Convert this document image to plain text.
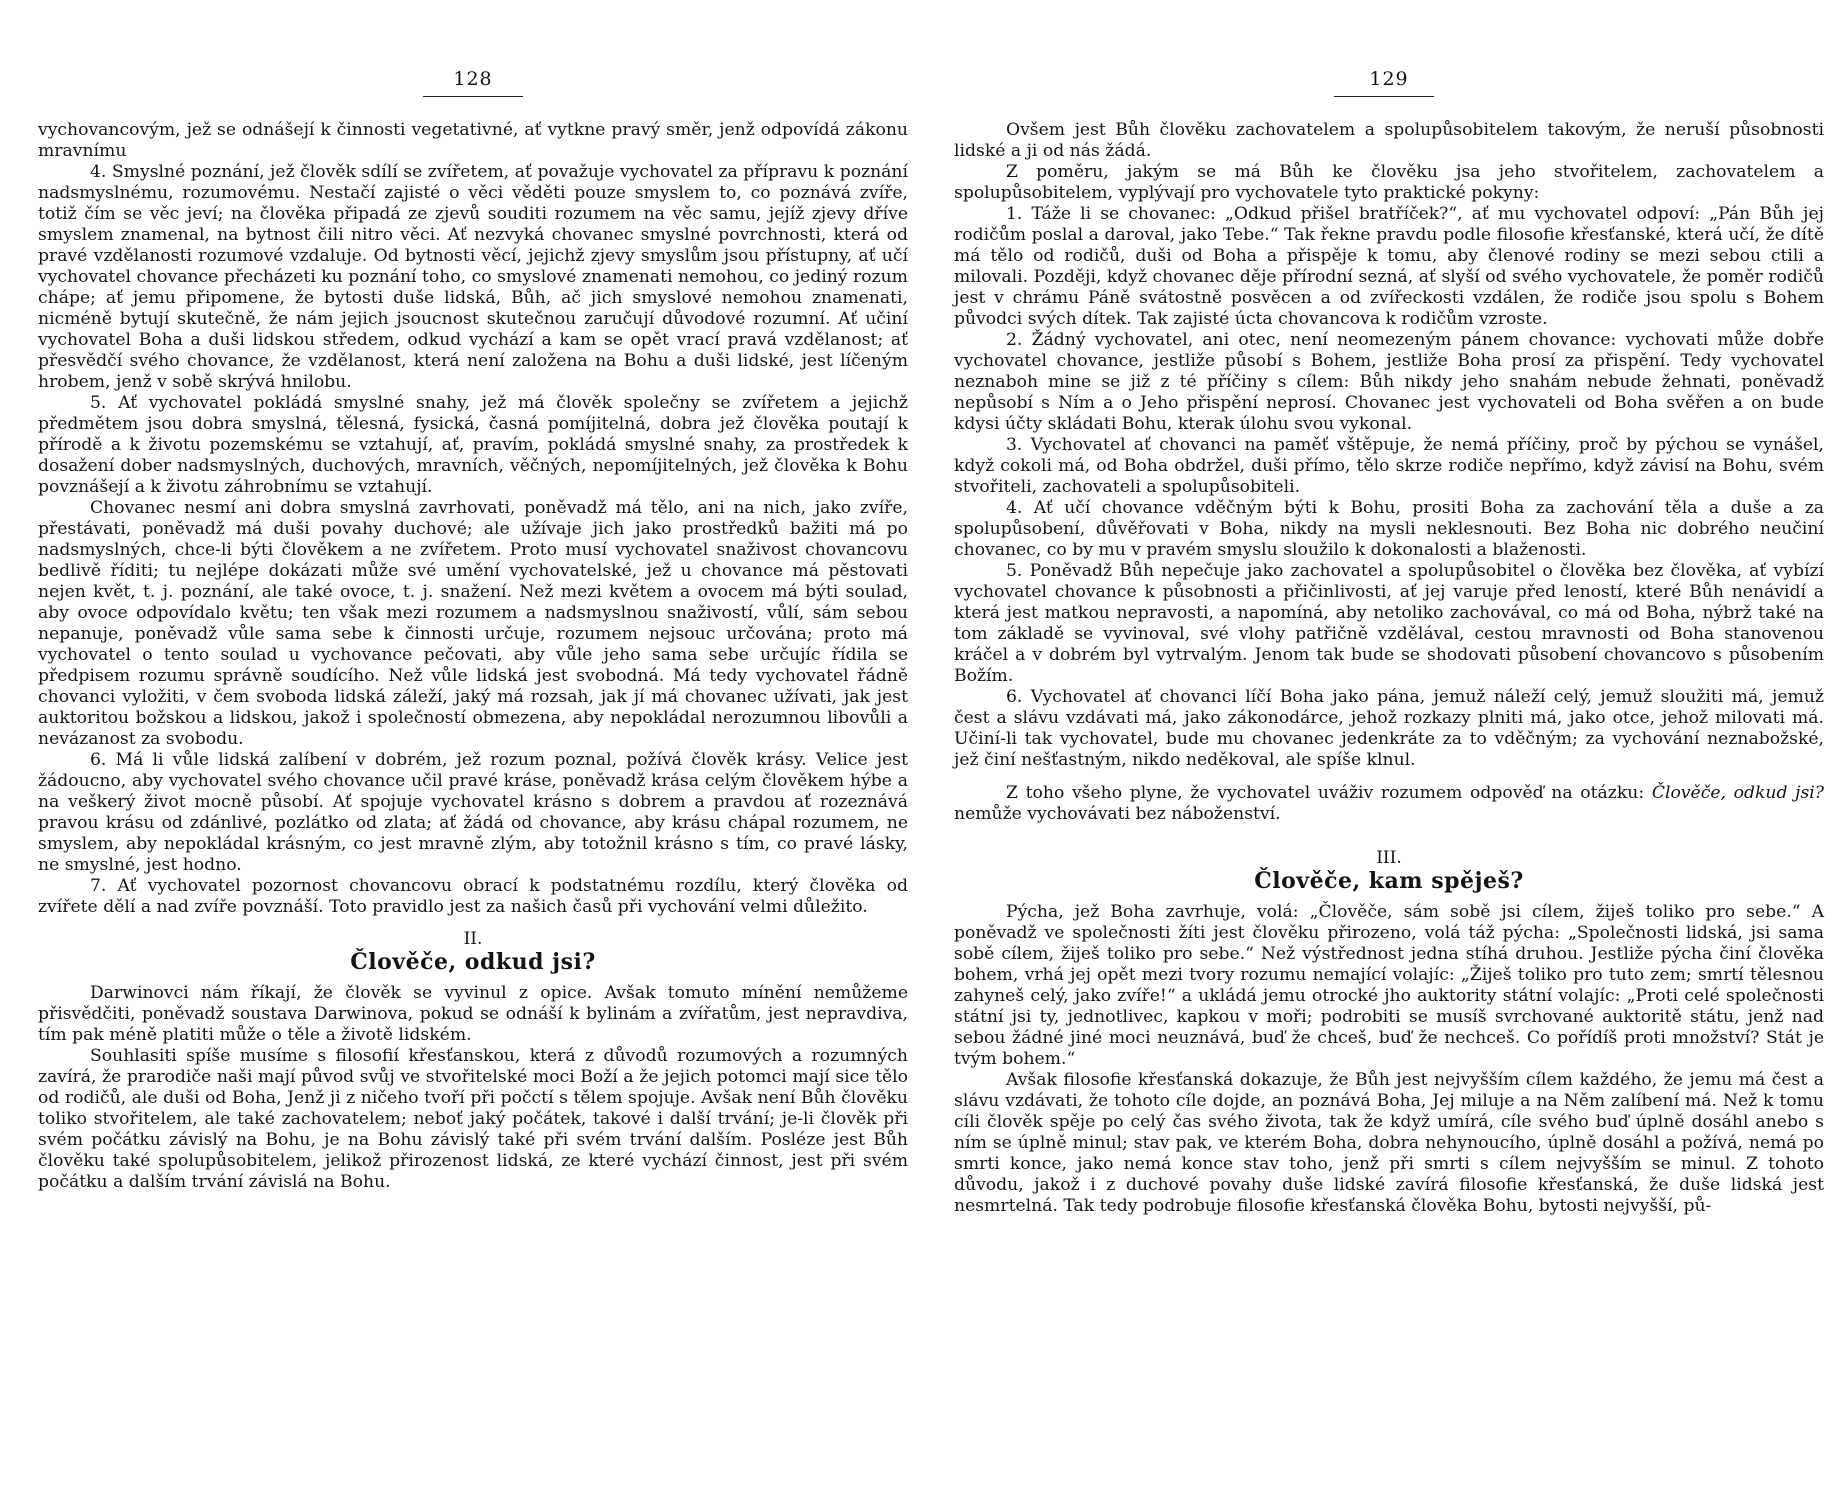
128

vychovancovým, jež se odnášejí k činnosti vegetativné, ať vytkne pravý směr, jenž odpovídá zákonu mravnímu

4. Smyslné poznání, jež člověk sdílí se zvířetem, ať považuje vychovatel za přípravu k poznání nadsmyslnému, rozumovému. Nestačí zajisté o věci věděti pouze smyslem to, co poznává zvíře, totiž čím se věc jeví; na člověka připadá ze zjevů souditi rozumem na věc samu, jejíž zjevy dříve smyslem znamenal, na bytnost čili nitro věci. Ať nezvyká chovanec smyslné povrchnosti, která od pravé vzdělanosti rozumové vzdaluje. Od bytnosti věcí, jejichž zjevy smyslům jsou přístupny, ať učí vychovatel chovance přecházeti ku poznání toho, co smyslové znamenati nemohou, co jediný rozum chápe; ať jemu připomene, že bytosti duše lidská, Bůh, ač jich smyslové nemohou znamenati, nicméně bytují skutečně, že nám jejich jsoucnost skutečnou zaručují důvodové rozumní. Ať učiní vychovatel Boha a duši lidskou středem, odkud vychází a kam se opět vrací pravá vzdělanost; ať přesvědčí svého chovance, že vzdělanost, která není založena na Bohu a duši lidské, jest líčeným hrobem, jenž v sobě skrývá hnilobu.

5. Ať vychovatel pokládá smyslné snahy, jež má člověk společny se zvířetem a jejichž předmětem jsou dobra smyslná, tělesná, fysická, časná pomíjitelná, dobra jež člověka poutají k přírodě a k životu pozemskému se vztahují, ať, pravím, pokládá smyslné snahy, za prostředek k dosažení dober nadsmyslných, duchových, mravních, věčných, nepomíjitelných, jež člověka k Bohu povznášejí a k životu záhrobnímu se vztahují.

Chovanec nesmí ani dobra smyslná zavrhovati, poněvadž má tělo, ani na nich, jako zvíře, přestávati, poněvadž má duši povahy duchové; ale užívaje jich jako prostředků bažiti má po nadsmyslných, chce-li býti člověkem a ne zvířetem. Proto musí vychovatel snaživost chovancovu bedlivě říditi; tu nejlépe dokázati může své umění vychovatelské, jež u chovance má pěstovati nejen květ, t. j. poznání, ale také ovoce, t. j. snažení. Než mezi květem a ovocem má býti soulad, aby ovoce odpovídalo květu; ten však mezi rozumem a nadsmyslnou snaživostí, vůlí, sám sebou nepanuje, poněvadž vůle sama sebe k činnosti určuje, rozumem nejsouc určována; proto má vychovatel o tento soulad u vychovance pečovati, aby vůle jeho sama sebe určujíc řídila se předpisem rozumu správně soudícího. Než vůle lidská jest svobodná. Má tedy vychovatel řádně chovanci vyložiti, v čem svoboda lidská záleží, jaký má rozsah, jak jí má chovanec užívati, jak jest auktoritou božskou a lidskou, jakož i společností obmezena, aby nepokládal nerozumnou libovůli a nevázanost za svobodu.

6. Má li vůle lidská zalíbení v dobrém, jež rozum poznal, požívá člověk krásy. Velice jest žádoucno, aby vychovatel svého chovance učil pravé kráse, poněvadž krása celým člověkem hýbe a na veškerý život mocně působí. Ať spojuje vychovatel krásno s dobrem a pravdou ať rozeznává pravou krásu od zdánlivé, pozlátko od zlata; ať žádá od chovance, aby krásu chápal rozumem, ne smyslem, aby nepokládal krásným, co jest mravně zlým, aby totožnil krásno s tím, co pravé lásky, ne smyslné, jest hodno.

7. Ať vychovatel pozornost chovancovu obrací k podstatnému rozdílu, který člověka od zvířete dělí a nad zvíře povznáší. Toto pravidlo jest za našich časů při vychování velmi důležito.

II.
Člověče, odkud jsi?

Darwinovci nám říkají, že člověk se vyvinul z opice. Avšak tomuto mínění nemůžeme přisvědčiti, poněvadž soustava Darwinova, pokud se odnáší k bylinám a zvířatům, jest nepravdiva, tím pak méně platiti může o těle a životě lidském.

Souhlasiti spíše musíme s filosofií křesťanskou, která z důvodů rozumových a rozumných zavírá, že prarodiče naši mají původ svůj ve stvořitelské moci Boží a že jejich potomci mají sice tělo od rodičů, ale duši od Boha, Jenž ji z ničeho tvoří při počctí s tělem spojuje. Avšak není Bůh člověku toliko stvořitelem, ale také zachovatelem; neboť jaký počátek, takové i další trvání; je-li člověk při svém počátku závislý na Bohu, je na Bohu závislý také při svém trvání dalším. Posléze jest Bůh člověku také spolupůsobitelem, jelikož přirozenost lidská, ze které vychází činnost, jest při svém počátku a dalším trvání závislá na Bohu.

129

Ovšem jest Bůh člověku zachovatelem a spolupůsobitelem takovým, že neruší působnosti lidské a ji od nás žádá.

Z poměru, jakým se má Bůh ke člověku jsa jeho stvořitelem, zachovatelem a spolupůsobitelem, vyplývají pro vychovatele tyto praktické pokyny:

1. Táže li se chovanec: „Odkud přišel bratříček?“, ať mu vychovatel odpoví: „Pán Bůh jej rodičům poslal a daroval, jako Tebe.“ Tak řekne pravdu podle filosofie křesťanské, která učí, že dítě má tělo od rodičů, duši od Boha a přispěje k tomu, aby členové rodiny se mezi sebou ctili a milovali. Později, když chovanec děje přírodní sezná, ať slyší od svého vychovatele, že poměr rodičů jest v chrámu Páně svátostně posvěcen a od zvířeckosti vzdálen, že rodiče jsou spolu s Bohem původci svých dítek. Tak zajisté úcta chovancova k rodičům vzroste.

2. Žádný vychovatel, ani otec, není neomezeným pánem chovance: vychovati může dobře vychovatel chovance, jestliže působí s Bohem, jestliže Boha prosí za přispění. Tedy vychovatel neznaboh mine se již z té příčiny s cílem: Bůh nikdy jeho snahám nebude žehnati, poněvadž nepůsobí s Ním a o Jeho přispění neprosí. Chovanec jest vychovateli od Boha svěřen a on bude kdysi účty skládati Bohu, kterak úlohu svou vykonal.

3. Vychovatel ať chovanci na paměť vštěpuje, že nemá příčiny, proč by pýchou se vynášel, když cokoli má, od Boha obdržel, duši přímo, tělo skrze rodiče nepřímo, když závisí na Bohu, svém stvořiteli, zachovateli a spolupůsobiteli.

4. Ať učí chovance vděčným býti k Bohu, prositi Boha za zachování těla a duše a za spolupůsobení, důvěřovati v Boha, nikdy na mysli neklesnouti. Bez Boha nic dobrého neučiní chovanec, co by mu v pravém smyslu sloužilo k dokonalosti a blaženosti.

5. Poněvadž Bůh nepečuje jako zachovatel a spolupůsobitel o člověka bez člověka, ať vybízí vychovatel chovance k působnosti a přičinlivosti, ať jej varuje před leností, které Bůh nenávidí a která jest matkou nepravosti, a napomíná, aby netoliko zachovával, co má od Boha, nýbrž také na tom základě se vyvinoval, své vlohy patřičně vzdělával, cestou mravnosti od Boha stanovenou kráčel a v dobrém byl vytrvalým. Jenom tak bude se shodovati působení chovancovo s působením Božím.

6. Vychovatel ať chovanci líčí Boha jako pána, jemuž náleží celý, jemuž sloužiti má, jemuž čest a slávu vzdávati má, jako zákonodárce, jehož rozkazy plniti má, jako otce, jehož milovati má. Učiní-li tak vychovatel, bude mu chovanec jedenkráte za to vděčným; za vychování neznabožské, jež činí nešťastným, nikdo neděkoval, ale spíše klnul.

Z toho všeho plyne, že vychovatel uváživ rozumem odpověď na otázku: Člověče, odkud jsi? nemůže vychovávati bez náboženství.

III.
Člověče, kam spěješ?

Pýcha, jež Boha zavrhuje, volá: „Člověče, sám sobě jsi cílem, žiješ toliko pro sebe.“ A poněvadž ve společnosti žíti jest člověku přirozeno, volá táž pýcha: „Společnosti lidská, jsi sama sobě cílem, žiješ toliko pro sebe.“ Než výstřednost jedna stíhá druhou. Jestliže pýcha činí člověka bohem, vrhá jej opět mezi tvory rozumu nemající volajíc: „Žiješ toliko pro tuto zem; smrtí tělesnou zahyneš celý, jako zvíře!“ a ukládá jemu otrocké jho auktority státní volajíc: „Proti celé společnosti státní jsi ty, jednotlivec, kapkou v moři; podrobiti se musíš svrchované auktoritě státu, jenž nad sebou žádné jiné moci neuznává, buď že chceš, buď že nechceš. Co pořídíš proti množství? Stát je tvým bohem.“

Avšak filosofie křesťanská dokazuje, že Bůh jest nejvyšším cílem každého, že jemu má čest a slávu vzdávati, že tohoto cíle dojde, an poznává Boha, Jej miluje a na Něm zalíbení má. Než k tomu cíli člověk spěje po celý čas svého života, tak že když umírá, cíle svého buď úplně dosáhl anebo s ním se úplně minul; stav pak, ve kterém Boha, dobra nehynoucího, úplně dosáhl a požívá, nemá po smrti konce, jako nemá konce stav toho, jenž při smrti s cílem nejvyšším se minul. Z tohoto důvodu, jakož i z duchové povahy duše lidské zavírá filosofie křesťanská, že duše lidská jest nesmrtelná. Tak tedy podrobuje filosofie křesťanská člověka Bohu, bytosti nejvyšší, pů-
